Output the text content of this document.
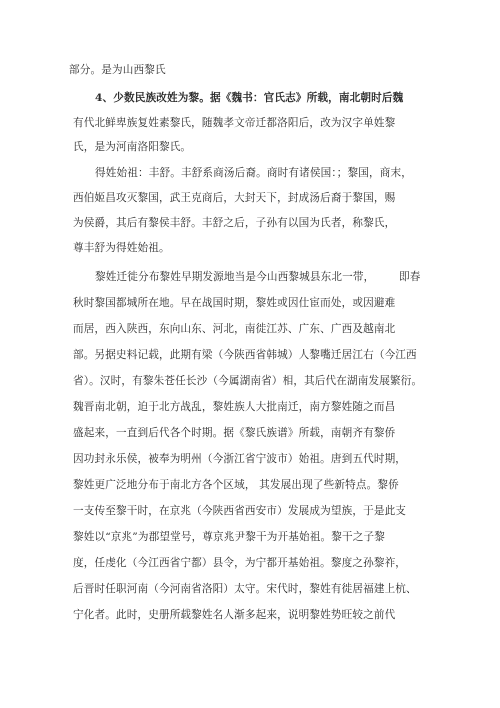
部分。是为山西黎氏
4、少数民族改姓为黎。据《魏书：官氏志》所载，南北朝时后魏
有代北鲜卑族复姓素黎氏，随魏孝文帝迁都洛阳后，改为汉字单姓黎
氏，是为河南洛阳黎氏。
得姓始祖：丰舒。丰舒系商汤后裔。商时有诸侯国：；黎国，商末，
西伯姬昌攻灭黎国，武王克商后，大封天下，封成汤后裔于黎国，赐
为侯爵，其后有黎侯丰舒。丰舒之后，子孙有以国为氏者，称黎氏，
尊丰舒为得姓始祖。
黎姓迁徙分布黎姓早期发源地当是今山西黎城县东北一带， 即春
秋时黎国都城所在地。早在战国时期，黎姓或因仕宦而处，或因避难
而居，西入陕西，东向山东、河北，南徙江苏、广东、广西及越南北
部。另据史料记载，此期有梁（今陕西省韩城）人黎嘴迁居江右（今江西
省）。汉时，有黎朱苍任长沙（今属湖南省）相，其后代在湖南发展繁衍。
魏晋南北朝，迫于北方战乱，黎姓族人大批南迁，南方黎姓随之而昌
盛起来，一直到后代各个时期。据《黎氏族谱》所载，南朝齐有黎侨
因功封永乐侯，被奉为明州（今浙江省宁波市）始祖。唐到五代时期，
黎姓更广泛地分布于南北方各个区域， 其发展出现了些新特点。黎侨
一支传至黎干时，在京兆（今陕西省西安市）发展成为望族，于是此支
黎姓以“京兆”为郡望堂号，尊京兆尹黎干为开基始祖。黎干之子黎
度，任虔化（今江西省宁都）县令，为宁都开基始祖。黎度之孙黎祚，
后晋时任职河南（今河南省洛阳）太守。宋代时，黎姓有徙居福建上杭、
宁化者。此时，史册所载黎姓名人渐多起来，说明黎姓势旺较之前代
